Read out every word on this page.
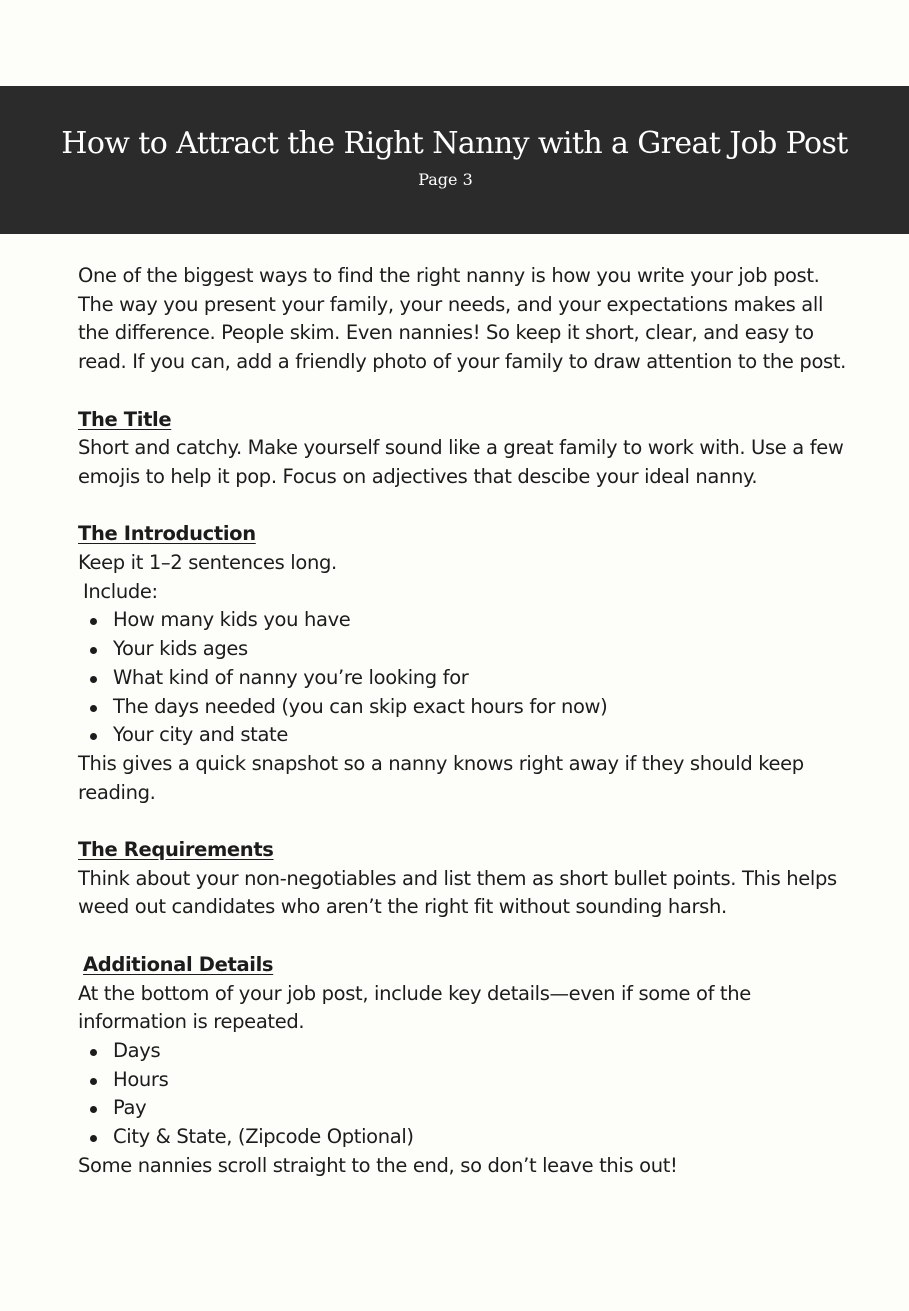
How to Attract the Right Nanny with a Great Job Post
Page 3

One of the biggest ways to find the right nanny is how you write your job post. The way you present your family, your needs, and your expectations makes all the difference. People skim. Even nannies! So keep it short, clear, and easy to read. If you can, add a friendly photo of your family to draw attention to the post.

The Title

Short and catchy. Make yourself sound like a great family to work with. Use a few emojis to help it pop. Focus on adjectives that descibe your ideal nanny.

The Introduction

Keep it 1–2 sentences long.

Include:

How many kids you have
Your kids ages
What kind of nanny you’re looking for
The days needed (you can skip exact hours for now)
Your city and state

This gives a quick snapshot so a nanny knows right away if they should keep reading.

The Requirements

Think about your non-negotiables and list them as short bullet points. This helps weed out candidates who aren’t the right fit without sounding harsh.

Additional Details

At the bottom of your job post, include key details—even if some of the information is repeated.

Days
Hours
Pay
City & State, (Zipcode Optional)

Some nannies scroll straight to the end, so don’t leave this out!
